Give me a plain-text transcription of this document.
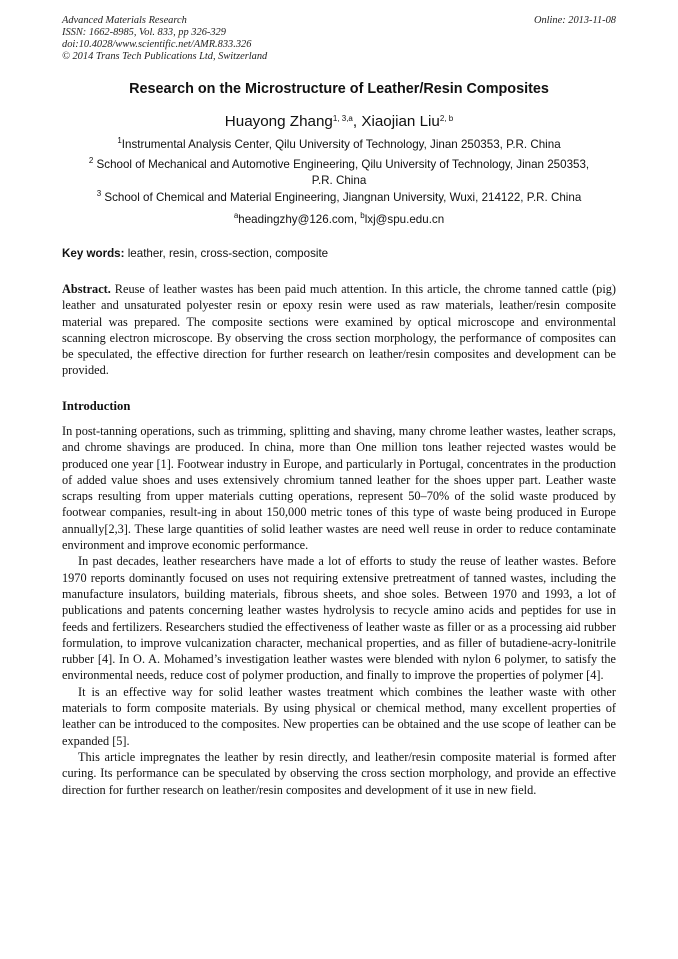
Advanced Materials Research
ISSN: 1662-8985, Vol. 833, pp 326-329
doi:10.4028/www.scientific.net/AMR.833.326
© 2014 Trans Tech Publications Ltd, Switzerland
Online: 2013-11-08
Research on the Microstructure of Leather/Resin Composites
Huayong Zhang$^{1, 3,a}$, Xiaojian Liu$^{2, b}$
$^1$Instrumental Analysis Center, Qilu University of Technology, Jinan 250353, P.R. China
$^2$ School of Mechanical and Automotive Engineering, Qilu University of Technology, Jinan 250353,
P.R. China
$^3$ School of Chemical and Material Engineering, Jiangnan University, Wuxi, 214122, P.R. China
$^a$headingzhy@126.com, $^b$lxj@spu.edu.cn
Key words: leather, resin, cross-section, composite

Abstract. Reuse of leather wastes has been paid much attention. In this article, the chrome tanned cattle (pig) leather and unsaturated polyester resin or epoxy resin were used as raw materials, leather/resin composite material was prepared. The composite sections were examined by optical microscope and environmental scanning electron microscope. By observing the cross section morphology, the performance of composites can be speculated, the effective direction for further research on leather/resin composites and development can be provided.

Introduction

In post-tanning operations, such as trimming, splitting and shaving, many chrome leather wastes, leather scraps, and chrome shavings are produced. In china, more than One million tons leather rejected wastes would be produced one year [1]. Footwear industry in Europe, and particularly in Portugal, concentrates in the production of added value shoes and uses extensively chromium tanned leather for the shoes upper part. Leather waste scraps resulting from upper materials cutting operations, represent 50–70% of the solid waste produced by footwear companies, result-ing in about 150,000 metric tones of this type of waste being produced in Europe annually[2,3]. These large quantities of solid leather wastes are need well reuse in order to reduce contaminate environment and improve economic performance.

In past decades, leather researchers have made a lot of efforts to study the reuse of leather wastes. Before 1970 reports dominantly focused on uses not requiring extensive pretreatment of tanned wastes, including the manufacture insulators, building materials, fibrous sheets, and shoe soles. Between 1970 and 1993, a lot of publications and patents concerning leather wastes hydrolysis to recycle amino acids and peptides for use in feeds and fertilizers. Researchers studied the effectiveness of leather waste as filler or as a processing aid rubber formulation, to improve vulcanization character, mechanical properties, and as filler of butadiene-acry-lonitrile rubber [4]. In O. A. Mohamed’s investigation leather wastes were blended with nylon 6 polymer, to satisfy the environmental needs, reduce cost of polymer production, and finally to improve the properties of polymer [4].

It is an effective way for solid leather wastes treatment which combines the leather waste with other materials to form composite materials. By using physical or chemical method, many excellent properties of leather can be introduced to the composites. New properties can be obtained and the use scope of leather can be expanded [5].

This article impregnates the leather by resin directly, and leather/resin composite material is formed after curing. Its performance can be speculated by observing the cross section morphology, and provide an effective direction for further research on leather/resin composites and development of it use in new field.
